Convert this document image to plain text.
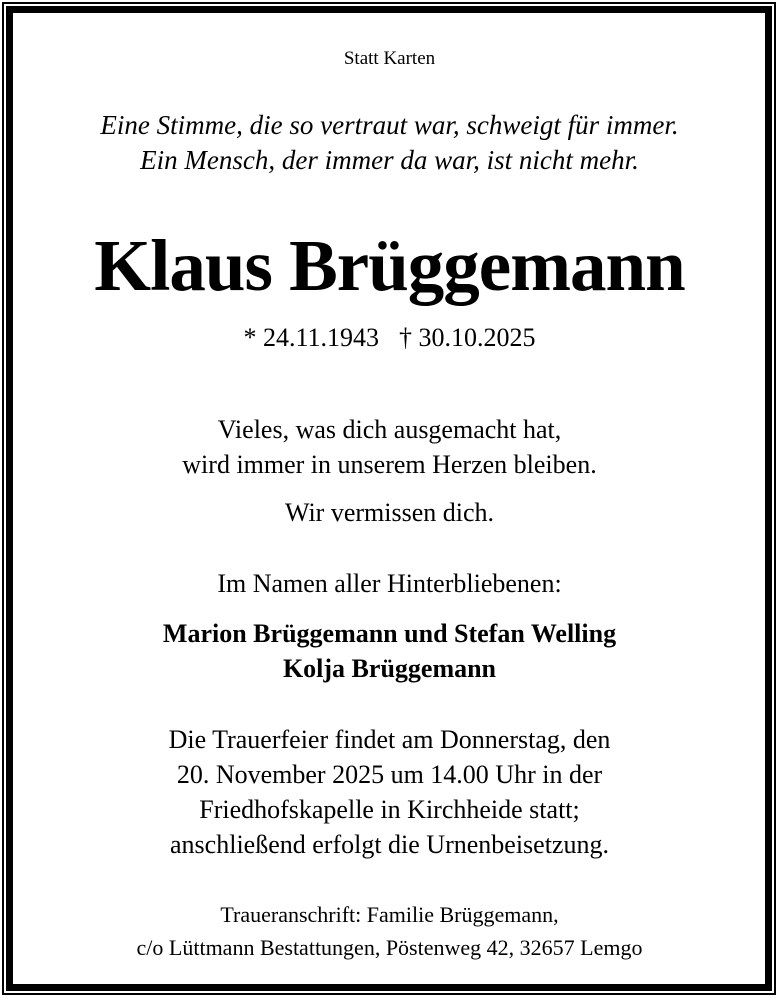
Statt Karten
Eine Stimme, die so vertraut war, schweigt für immer.
Ein Mensch, der immer da war, ist nicht mehr.
Klaus Brüggemann
* 24.11.1943 † 30.10.2025
Vieles, was dich ausgemacht hat,
wird immer in unserem Herzen bleiben.
Wir vermissen dich.
Im Namen aller Hinterbliebenen:
Marion Brüggemann und Stefan Welling
Kolja Brüggemann
Die Trauerfeier findet am Donnerstag, den
20. November 2025 um 14.00 Uhr in der
Friedhofskapelle in Kirchheide statt;
anschließend erfolgt die Urnenbeisetzung.
Traueranschrift: Familie Brüggemann,
c/o Lüttmann Bestattungen, Pöstenweg 42, 32657 Lemgo
